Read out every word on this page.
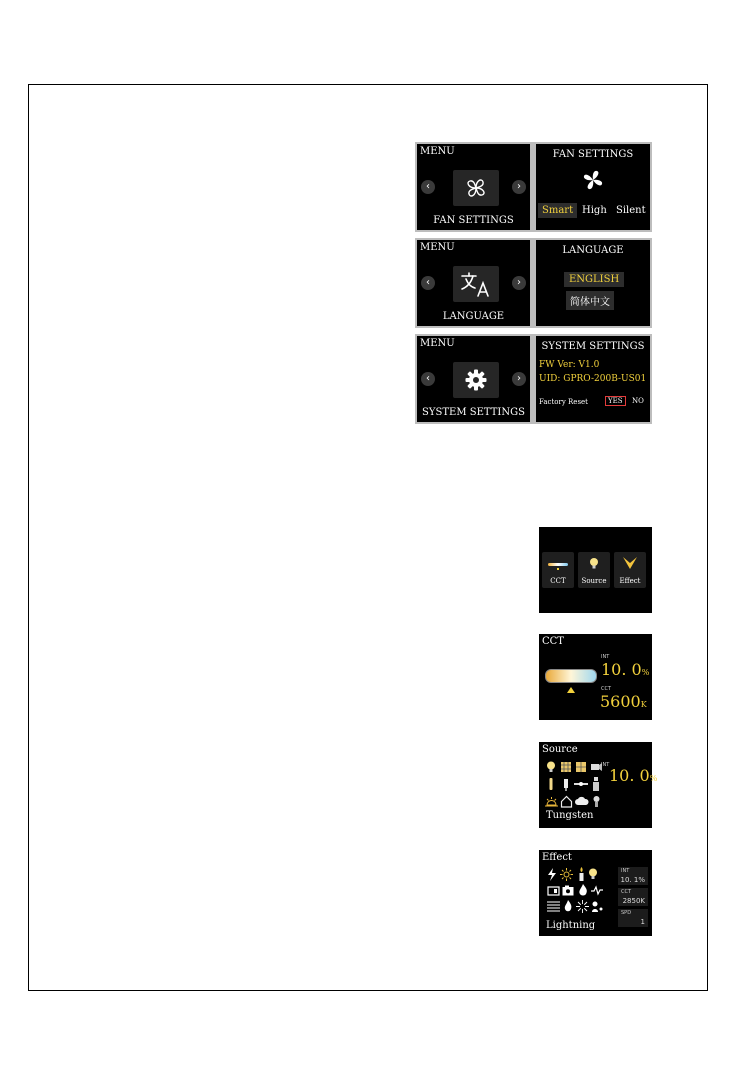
MENU
‹	›
FAN SETTINGS
FAN SETTINGS
Smart High Silent
MENU
‹	›
LANGUAGE
LANGUAGE
ENGLISH
简体中文
MENU
‹	›
SYSTEM SETTINGS
SYSTEM SETTINGS
FW Ver: V1.0
UID: GPRO-200B-US01
Factory Reset	YES	NO
CCT	Source	Effect
CCT
INT
10. 0%
CCT
5600K
Source
INT
10. 0%
Tungsten
Effect
INT
10. 1%
CCT
2850K
SPD
1
Lightning
